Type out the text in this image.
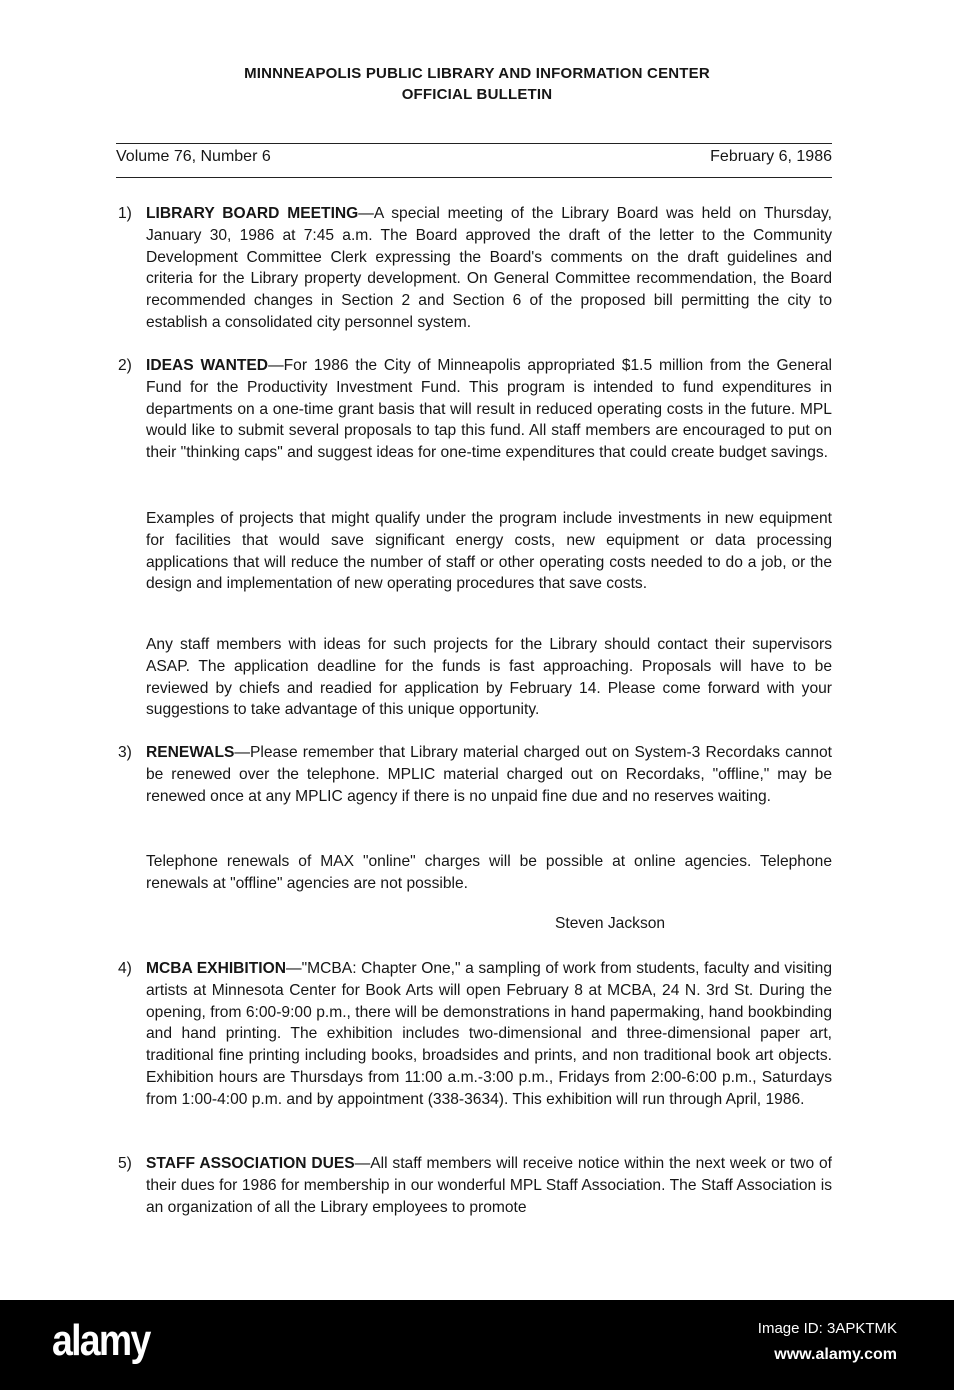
MINNNEAPOLIS PUBLIC LIBRARY AND INFORMATION CENTER
OFFICIAL BULLETIN
Volume 76, Number 6	February 6, 1986
1) LIBRARY BOARD MEETING—A special meeting of the Library Board was held on Thursday, January 30, 1986 at 7:45 a.m. The Board approved the draft of the letter to the Community Development Committee Clerk expressing the Board's comments on the draft guidelines and criteria for the Library property development. On General Committee recommendation, the Board recommended changes in Section 2 and Section 6 of the proposed bill permitting the city to establish a consolidated city personnel system.
2) IDEAS WANTED—For 1986 the City of Minneapolis appropriated $1.5 million from the General Fund for the Productivity Investment Fund. This program is intended to fund expenditures in departments on a one-time grant basis that will result in reduced operating costs in the future. MPL would like to submit several proposals to tap this fund. All staff members are encouraged to put on their "thinking caps" and suggest ideas for one-time expenditures that could create budget savings.
Examples of projects that might qualify under the program include investments in new equipment for facilities that would save significant energy costs, new equipment or data processing applications that will reduce the number of staff or other operating costs needed to do a job, or the design and implementation of new operating procedures that save costs.
Any staff members with ideas for such projects for the Library should contact their supervisors ASAP. The application deadline for the funds is fast approaching. Proposals will have to be reviewed by chiefs and readied for application by February 14. Please come forward with your suggestions to take advantage of this unique opportunity.
3) RENEWALS—Please remember that Library material charged out on System-3 Recordaks cannot be renewed over the telephone. MPLIC material charged out on Recordaks, "offline," may be renewed once at any MPLIC agency if there is no unpaid fine due and no reserves waiting.
Telephone renewals of MAX "online" charges will be possible at online agencies. Telephone renewals at "offline" agencies are not possible.
Steven Jackson
4) MCBA EXHIBITION—"MCBA: Chapter One," a sampling of work from students, faculty and visiting artists at Minnesota Center for Book Arts will open February 8 at MCBA, 24 N. 3rd St. During the opening, from 6:00-9:00 p.m., there will be demonstrations in hand papermaking, hand bookbinding and hand printing. The exhibition includes two-dimensional and three-dimensional paper art, traditional fine printing including books, broadsides and prints, and non traditional book art objects. Exhibition hours are Thursdays from 11:00 a.m.-3:00 p.m., Fridays from 2:00-6:00 p.m., Saturdays from 1:00-4:00 p.m. and by appointment (338-3634). This exhibition will run through April, 1986.
5) STAFF ASSOCIATION DUES—All staff members will receive notice within the next week or two of their dues for 1986 for membership in our wonderful MPL Staff Association. The Staff Association is an organization of all the Library employees to promote
alamy	Image ID: 3APKTMK
www.alamy.com
